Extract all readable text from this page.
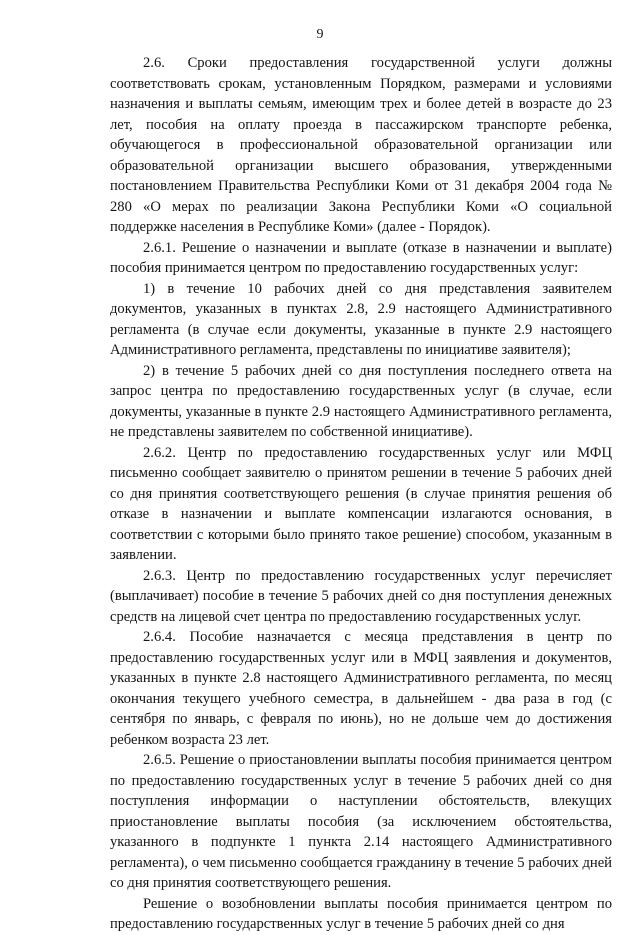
9

2.6. Сроки предоставления государственной услуги должны соответствовать срокам, установленным Порядком, размерами и условиями назначения и выплаты семьям, имеющим трех и более детей в возрасте до 23 лет, пособия на оплату проезда в пассажирском транспорте ребенка, обучающегося в профессиональной образовательной организации или образовательной организации высшего образования, утвержденными постановлением Правительства Республики Коми от 31 декабря 2004 года № 280 «О мерах по реализации Закона Республики Коми «О социальной поддержке населения в Республике Коми» (далее - Порядок).

2.6.1. Решение о назначении и выплате (отказе в назначении и выплате) пособия принимается центром по предоставлению государственных услуг:

1) в течение 10 рабочих дней со дня представления заявителем документов, указанных в пунктах 2.8, 2.9 настоящего Административного регламента (в случае если документы, указанные в пункте 2.9 настоящего Административного регламента, представлены по инициативе заявителя);

2) в течение 5 рабочих дней со дня поступления последнего ответа на запрос центра по предоставлению государственных услуг (в случае, если документы, указанные в пункте 2.9 настоящего Административного регламента, не представлены заявителем по собственной инициативе).

2.6.2. Центр по предоставлению государственных услуг или МФЦ письменно сообщает заявителю о принятом решении в течение 5 рабочих дней со дня принятия соответствующего решения (в случае принятия решения об отказе в назначении и выплате компенсации излагаются основания, в соответствии с которыми было принято такое решение) способом, указанным в заявлении.

2.6.3. Центр по предоставлению государственных услуг перечисляет (выплачивает) пособие в течение 5 рабочих дней со дня поступления денежных средств на лицевой счет центра по предоставлению государственных услуг.

2.6.4. Пособие назначается с месяца представления в центр по предоставлению государственных услуг или в МФЦ заявления и документов, указанных в пункте 2.8 настоящего Административного регламента, по месяц окончания текущего учебного семестра, в дальнейшем - два раза в год (с сентября по январь, с февраля по июнь), но не дольше чем до достижения ребенком возраста 23 лет.

2.6.5. Решение о приостановлении выплаты пособия принимается центром по предоставлению государственных услуг в течение 5 рабочих дней со дня поступления информации о наступлении обстоятельств, влекущих приостановление выплаты пособия (за исключением обстоятельства, указанного в подпункте 1 пункта 2.14 настоящего Административного регламента), о чем письменно сообщается гражданину в течение 5 рабочих дней со дня принятия соответствующего решения.

Решение о возобновлении выплаты пособия принимается центром по предоставлению государственных услуг в течение 5 рабочих дней со дня
